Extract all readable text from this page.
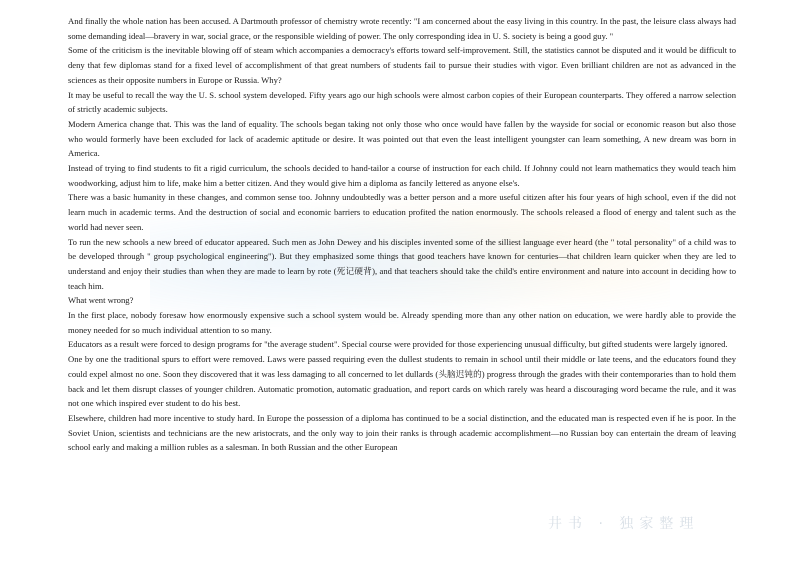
And finally the whole nation has been accused. A Dartmouth professor of chemistry wrote recently: "I am concerned about the easy living in this country. In the past, the leisure class always had some demanding ideal—bravery in war, social grace, or the responsible wielding of power. The only corresponding idea in U. S. society is being a good guy. "

Some of the criticism is the inevitable blowing off of steam which accompanies a democracy's efforts toward self-improvement. Still, the statistics cannot be disputed and it would be difficult to deny that few diplomas stand for a fixed level of accomplishment of that great numbers of students fail to pursue their studies with vigor. Even brilliant children are not as advanced in the sciences as their opposite numbers in Europe or Russia. Why?

It may be useful to recall the way the U. S. school system developed. Fifty years ago our high schools were almost carbon copies of their European counterparts. They offered a narrow selection of strictly academic subjects.

Modern America change that. This was the land of equality. The schools began taking not only those who once would have fallen by the wayside for social or economic reason but also those who would formerly have been excluded for lack of academic aptitude or desire. It was pointed out that even the least intelligent youngster can learn something, A new dream was born in America.

Instead of trying to find students to fit a rigid curriculum, the schools decided to hand-tailor a course of instruction for each child. If Johnny could not learn mathematics they would teach him woodworking, adjust him to life, make him a better citizen. And they would give him a diploma as fancily lettered as anyone else's.

There was a basic humanity in these changes, and common sense too. Johnny undoubtedly was a better person and a more useful citizen after his four years of high school, even if the did not learn much in academic terms. And the destruction of social and economic barriers to education profited the nation enormously. The schools released a flood of energy and talent such as the world had never seen.

To run the new schools a new breed of educator appeared. Such men as John Dewey and his disciples invented some of the silliest language ever heard (the " total personality" of a child was to be developed through " group psychological engineering"). But they emphasized some things that good teachers have known for centuries—that children learn quicker when they are led to understand and enjoy their studies than when they are made to learn by rote (死记硬背), and that teachers should take the child's entire environment and nature into account in deciding how to teach him.

What went wrong?

In the first place, nobody foresaw how enormously expensive such a school system would be. Already spending more than any other nation on education, we were hardly able to provide the money needed for so much individual attention to so many.

Educators as a result were forced to design programs for "the average student". Special course were provided for those experiencing unusual difficulty, but gifted students were largely ignored.

One by one the traditional spurs to effort were removed. Laws were passed requiring even the dullest students to remain in school until their middle or late teens, and the educators found they could expel almost no one. Soon they discovered that it was less damaging to all concerned to let dullards (头脑迟钝的) progress through the grades with their contemporaries than to hold them back and let them disrupt classes of younger children. Automatic promotion, automatic graduation, and report cards on which rarely was heard a discouraging word became the rule, and it was not one which inspired ever student to do his best.

Elsewhere, children had more incentive to study hard. In Europe the possession of a diploma has continued to be a social distinction, and the educated man is respected even if he is poor. In the Soviet Union, scientists and technicians are the new aristocrats, and the only way to join their ranks is through academic accomplishment—no Russian boy can entertain the dream of leaving school early and making a million rubles as a salesman. In both Russian and the other European

井书 · 独家整理
